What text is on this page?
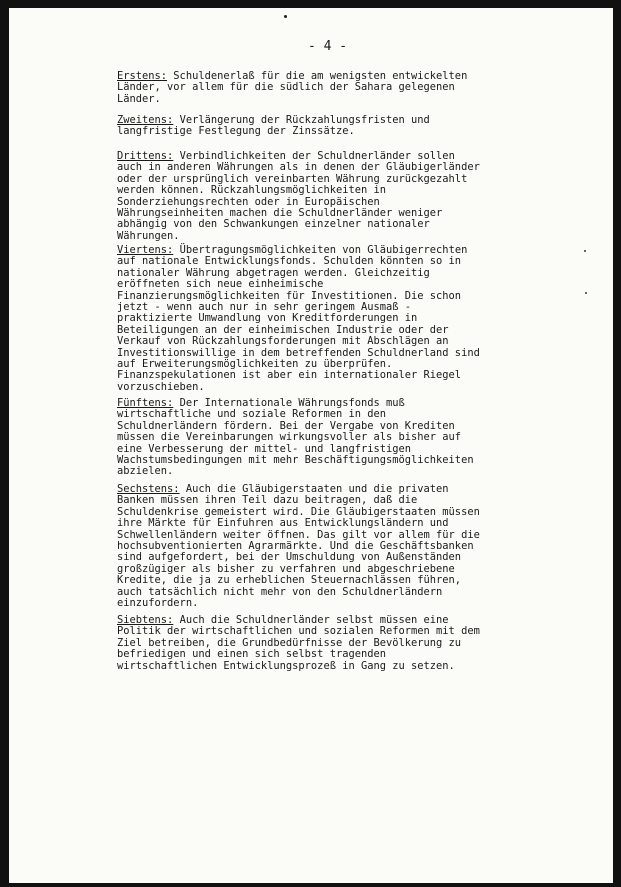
- 4 -
Erstens: Schuldenerlaß für die am wenigsten entwickelten
Länder, vor allem für die südlich der Sahara gelegenen
Länder.
Zweitens: Verlängerung der Rückzahlungsfristen und
langfristige Festlegung der Zinssätze.
Drittens: Verbindlichkeiten der Schuldnerländer sollen
auch in anderen Währungen als in denen der Gläubigerländer
oder der ursprünglich vereinbarten Währung zurückgezahlt
werden können. Rückzahlungsmöglichkeiten in
Sonderziehungsrechten oder in Europäischen
Währungseinheiten machen die Schuldnerländer weniger
abhängig von den Schwankungen einzelner nationaler
Währungen.
Viertens: Übertragungsmöglichkeiten von Gläubigerrechten
auf nationale Entwicklungsfonds. Schulden könnten so in
nationaler Währung abgetragen werden. Gleichzeitig
eröffneten sich neue einheimische
Finanzierungsmöglichkeiten für Investitionen. Die schon
jetzt - wenn auch nur in sehr geringem Ausmaß -
praktizierte Umwandlung von Kreditforderungen in
Beteiligungen an der einheimischen Industrie oder der
Verkauf von Rückzahlungsforderungen mit Abschlägen an
Investitionswillige in dem betreffenden Schuldnerland sind
auf Erweiterungsmöglichkeiten zu überprüfen.
Finanzspekulationen ist aber ein internationaler Riegel
vorzuschieben.
Fünftens: Der Internationale Währungsfonds muß
wirtschaftliche und soziale Reformen in den
Schuldnerländern fördern. Bei der Vergabe von Krediten
müssen die Vereinbarungen wirkungsvoller als bisher auf
eine Verbesserung der mittel- und langfristigen
Wachstumsbedingungen mit mehr Beschäftigungsmöglichkeiten
abzielen.
Sechstens: Auch die Gläubigerstaaten und die privaten
Banken müssen ihren Teil dazu beitragen, daß die
Schuldenkrise gemeistert wird. Die Gläubigerstaaten müssen
ihre Märkte für Einfuhren aus Entwicklungsländern und
Schwellenländern weiter öffnen. Das gilt vor allem für die
hochsubventionierten Agrarmärkte. Und die Geschäftsbanken
sind aufgefordert, bei der Umschuldung von Außenständen
großzügiger als bisher zu verfahren und abgeschriebene
Kredite, die ja zu erheblichen Steuernachlässen führen,
auch tatsächlich nicht mehr von den Schuldnerländern
einzufordern.
Siebtens: Auch die Schuldnerländer selbst müssen eine
Politik der wirtschaftlichen und sozialen Reformen mit dem
Ziel betreiben, die Grundbedürfnisse der Bevölkerung zu
befriedigen und einen sich selbst tragenden
wirtschaftlichen Entwicklungsprozeß in Gang zu setzen.
